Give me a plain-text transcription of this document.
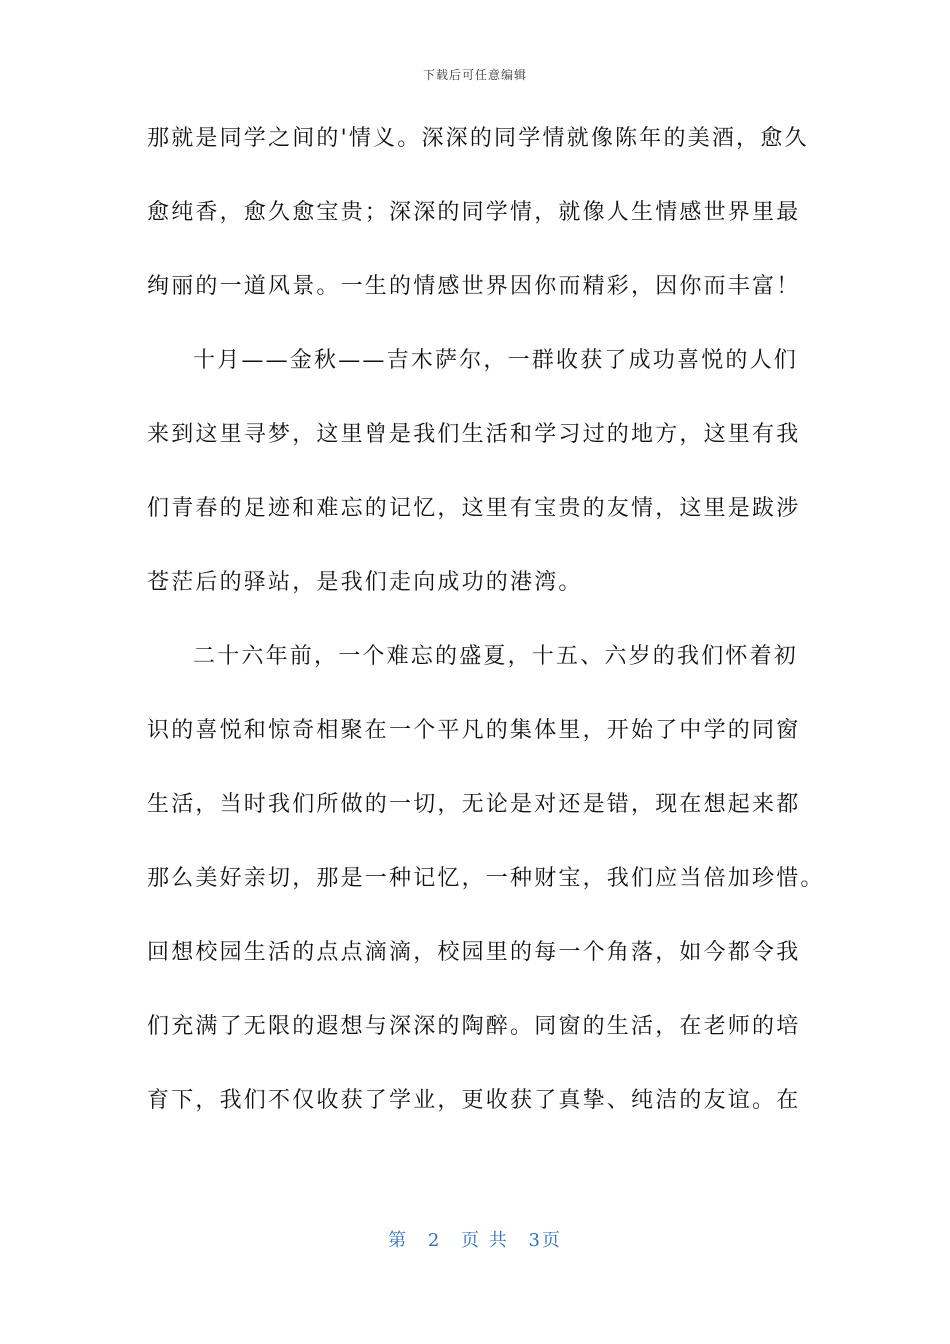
下载后可任意编辑
那就是同学之间的'情义。深深的同学情就像陈年的美酒，愈久
愈纯香，愈久愈宝贵；深深的同学情，就像人生情感世界里最
绚丽的一道风景。一生的情感世界因你而精彩，因你而丰富！
十月——金秋——吉木萨尔，一群收获了成功喜悦的人们
来到这里寻梦，这里曾是我们生活和学习过的地方，这里有我
们青春的足迹和难忘的记忆，这里有宝贵的友情，这里是跋涉
苍茫后的驿站，是我们走向成功的港湾。
二十六年前，一个难忘的盛夏，十五、六岁的我们怀着初
识的喜悦和惊奇相聚在一个平凡的集体里，开始了中学的同窗
生活，当时我们所做的一切，无论是对还是错，现在想起来都
那么美好亲切，那是一种记忆，一种财宝，我们应当倍加珍惜。
回想校园生活的点点滴滴，校园里的每一个角落，如今都令我
们充满了无限的遐想与深深的陶醉。同窗的生活，在老师的培
育下，我们不仅收获了学业，更收获了真挚、纯洁的友谊。在
第 2 页 共 3页
